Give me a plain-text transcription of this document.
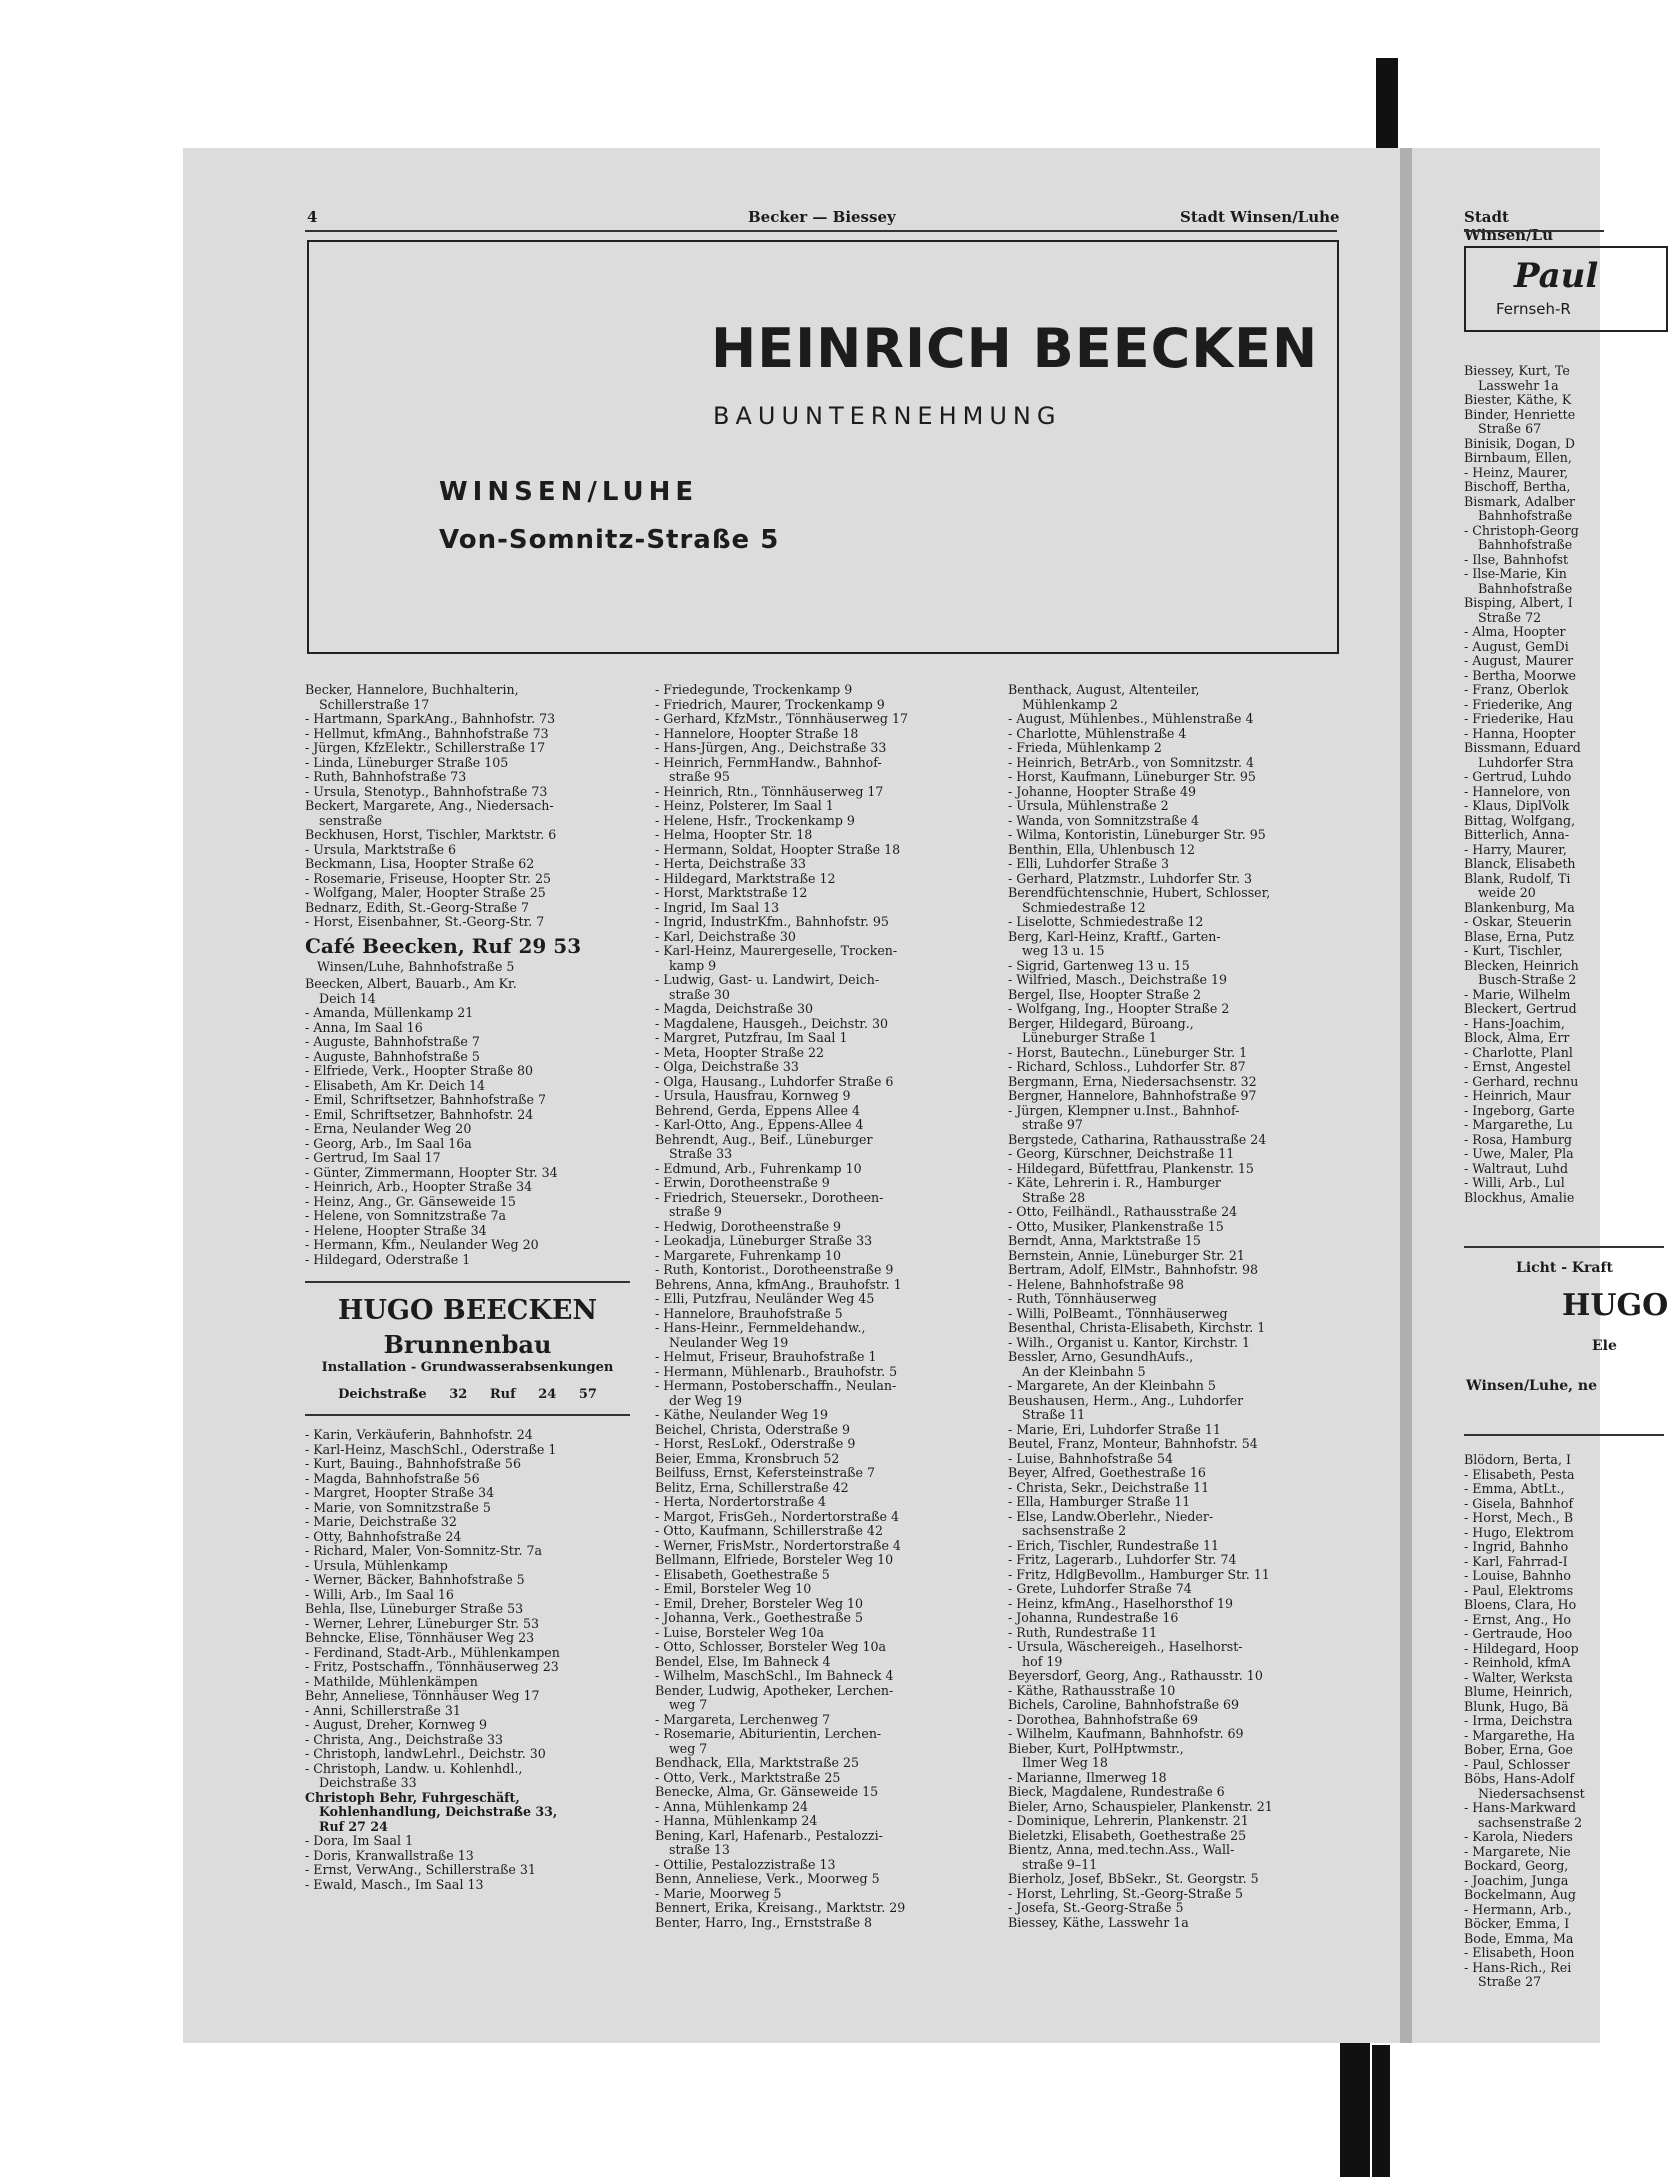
4	Becker — Biessey	Stadt Winsen/Luhe
HEINRICH BEECKEN
BAUUNTERNEHMUNG
WINSEN/LUHE
Von-Somnitz-Straße 5
Becker, Hannelore, Buchhalterin,
Schillerstraße 17
- Hartmann, SparkAng., Bahnhofstr. 73
- Hellmut, kfmAng., Bahnhofstraße 73
- Jürgen, KfzElektr., Schillerstraße 17
- Linda, Lüneburger Straße 105
- Ruth, Bahnhofstraße 73
- Ursula, Stenotyp., Bahnhofstraße 73
Beckert, Margarete, Ang., Niedersach-
senstraße
Beckhusen, Horst, Tischler, Marktstr. 6
- Ursula, Marktstraße 6
Beckmann, Lisa, Hoopter Straße 62
- Rosemarie, Friseuse, Hoopter Str. 25
- Wolfgang, Maler, Hoopter Straße 25
Bednarz, Edith, St.-Georg-Straße 7
- Horst, Eisenbahner, St.-Georg-Str. 7
Café Beecken, Ruf 29 53
Winsen/Luhe, Bahnhofstraße 5
Beecken, Albert, Bauarb., Am Kr.
Deich 14
- Amanda, Müllenkamp 21
- Anna, Im Saal 16
- Auguste, Bahnhofstraße 7
- Auguste, Bahnhofstraße 5
- Elfriede, Verk., Hoopter Straße 80
- Elisabeth, Am Kr. Deich 14
- Emil, Schriftsetzer, Bahnhofstraße 7
- Emil, Schriftsetzer, Bahnhofstr. 24
- Erna, Neulander Weg 20
- Georg, Arb., Im Saal 16a
- Gertrud, Im Saal 17
- Günter, Zimmermann, Hoopter Str. 34
- Heinrich, Arb., Hoopter Straße 34
- Heinz, Ang., Gr. Gänseweide 15
- Helene, von Somnitzstraße 7a
- Helene, Hoopter Straße 34
- Hermann, Kfm., Neulander Weg 20
- Hildegard, Oderstraße 1
HUGO BEECKEN
Brunnenbau
Installation - Grundwasserabsenkungen
Deichstraße 32 Ruf 24 57
- Karin, Verkäuferin, Bahnhofstr. 24
- Karl-Heinz, MaschSchl., Oderstraße 1
- Kurt, Bauing., Bahnhofstraße 56
- Magda, Bahnhofstraße 56
- Margret, Hoopter Straße 34
- Marie, von Somnitzstraße 5
- Marie, Deichstraße 32
- Otty, Bahnhofstraße 24
- Richard, Maler, Von-Somnitz-Str. 7a
- Ursula, Mühlenkamp
- Werner, Bäcker, Bahnhofstraße 5
- Willi, Arb., Im Saal 16
Behla, Ilse, Lüneburger Straße 53
- Werner, Lehrer, Lüneburger Str. 53
Behncke, Elise, Tönnhäuser Weg 23
- Ferdinand, Stadt-Arb., Mühlenkampen
- Fritz, Postschaffn., Tönnhäuserweg 23
- Mathilde, Mühlenkämpen
Behr, Anneliese, Tönnhäuser Weg 17
- Anni, Schillerstraße 31
- August, Dreher, Kornweg 9
- Christa, Ang., Deichstraße 33
- Christoph, landwLehrl., Deichstr. 30
- Christoph, Landw. u. Kohlenhdl.,
Deichstraße 33
Christoph Behr, Fuhrgeschäft,
Kohlenhandlung, Deichstraße 33,
Ruf 27 24
- Dora, Im Saal 1
- Doris, Kranwallstraße 13
- Ernst, VerwAng., Schillerstraße 31
- Ewald, Masch., Im Saal 13
- Friedegunde, Trockenkamp 9
- Friedrich, Maurer, Trockenkamp 9
- Gerhard, KfzMstr., Tönnhäuserweg 17
- Hannelore, Hoopter Straße 18
- Hans-Jürgen, Ang., Deichstraße 33
- Heinrich, FernmHandw., Bahnhof-
straße 95
- Heinrich, Rtn., Tönnhäuserweg 17
- Heinz, Polsterer, Im Saal 1
- Helene, Hsfr., Trockenkamp 9
- Helma, Hoopter Str. 18
- Hermann, Soldat, Hoopter Straße 18
- Herta, Deichstraße 33
- Hildegard, Marktstraße 12
- Horst, Marktstraße 12
- Ingrid, Im Saal 13
- Ingrid, IndustrKfm., Bahnhofstr. 95
- Karl, Deichstraße 30
- Karl-Heinz, Maurergeselle, Trocken-
kamp 9
- Ludwig, Gast- u. Landwirt, Deich-
straße 30
- Magda, Deichstraße 30
- Magdalene, Hausgeh., Deichstr. 30
- Margret, Putzfrau, Im Saal 1
- Meta, Hoopter Straße 22
- Olga, Deichstraße 33
- Olga, Hausang., Luhdorfer Straße 6
- Ursula, Hausfrau, Kornweg 9
Behrend, Gerda, Eppens Allee 4
- Karl-Otto, Ang., Eppens-Allee 4
Behrendt, Aug., Beif., Lüneburger
Straße 33
- Edmund, Arb., Fuhrenkamp 10
- Erwin, Dorotheenstraße 9
- Friedrich, Steuersekr., Dorotheen-
straße 9
- Hedwig, Dorotheenstraße 9
- Leokadja, Lüneburger Straße 33
- Margarete, Fuhrenkamp 10
- Ruth, Kontorist., Dorotheenstraße 9
Behrens, Anna, kfmAng., Brauhofstr. 1
- Elli, Putzfrau, Neuländer Weg 45
- Hannelore, Brauhofstraße 5
- Hans-Heinr., Fernmeldehandw.,
Neulander Weg 19
- Helmut, Friseur, Brauhofstraße 1
- Hermann, Mühlenarb., Brauhofstr. 5
- Hermann, Postoberschaffn., Neulan-
der Weg 19
- Käthe, Neulander Weg 19
Beichel, Christa, Oderstraße 9
- Horst, ResLokf., Oderstraße 9
Beier, Emma, Kronsbruch 52
Beilfuss, Ernst, Kefersteinstraße 7
Belitz, Erna, Schillerstraße 42
- Herta, Nordertorstraße 4
- Margot, FrisGeh., Nordertorstraße 4
- Otto, Kaufmann, Schillerstraße 42
- Werner, FrisMstr., Nordertorstraße 4
Bellmann, Elfriede, Borsteler Weg 10
- Elisabeth, Goethestraße 5
- Emil, Borsteler Weg 10
- Emil, Dreher, Borsteler Weg 10
- Johanna, Verk., Goethestraße 5
- Luise, Borsteler Weg 10a
- Otto, Schlosser, Borsteler Weg 10a
Bendel, Else, Im Bahneck 4
- Wilhelm, MaschSchl., Im Bahneck 4
Bender, Ludwig, Apotheker, Lerchen-
weg 7
- Margareta, Lerchenweg 7
- Rosemarie, Abiturientin, Lerchen-
weg 7
Bendhack, Ella, Marktstraße 25
- Otto, Verk., Marktstraße 25
Benecke, Alma, Gr. Gänseweide 15
- Anna, Mühlenkamp 24
- Hanna, Mühlenkamp 24
Bening, Karl, Hafenarb., Pestalozzi-
straße 13
- Ottilie, Pestalozzistraße 13
Benn, Anneliese, Verk., Moorweg 5
- Marie, Moorweg 5
Bennert, Erika, Kreisang., Marktstr. 29
Benter, Harro, Ing., Ernststraße 8
Benthack, August, Altenteiler,
Mühlenkamp 2
- August, Mühlenbes., Mühlenstraße 4
- Charlotte, Mühlenstraße 4
- Frieda, Mühlenkamp 2
- Heinrich, BetrArb., von Somnitzstr. 4
- Horst, Kaufmann, Lüneburger Str. 95
- Johanne, Hoopter Straße 49
- Ursula, Mühlenstraße 2
- Wanda, von Somnitzstraße 4
- Wilma, Kontoristin, Lüneburger Str. 95
Benthin, Ella, Uhlenbusch 12
- Elli, Luhdorfer Straße 3
- Gerhard, Platzmstr., Luhdorfer Str. 3
Berendfüchtenschnie, Hubert, Schlosser,
Schmiedestraße 12
- Liselotte, Schmiedestraße 12
Berg, Karl-Heinz, Kraftf., Garten-
weg 13 u. 15
- Sigrid, Gartenweg 13 u. 15
- Wilfried, Masch., Deichstraße 19
Bergel, Ilse, Hoopter Straße 2
- Wolfgang, Ing., Hoopter Straße 2
Berger, Hildegard, Büroang.,
Lüneburger Straße 1
- Horst, Bautechn., Lüneburger Str. 1
- Richard, Schloss., Luhdorfer Str. 87
Bergmann, Erna, Niedersachsenstr. 32
Bergner, Hannelore, Bahnhofstraße 97
- Jürgen, Klempner u.Inst., Bahnhof-
straße 97
Bergstede, Catharina, Rathausstraße 24
- Georg, Kürschner, Deichstraße 11
- Hildegard, Büfettfrau, Plankenstr. 15
- Käte, Lehrerin i. R., Hamburger
Straße 28
- Otto, Feilhändl., Rathausstraße 24
- Otto, Musiker, Plankenstraße 15
Berndt, Anna, Marktstraße 15
Bernstein, Annie, Lüneburger Str. 21
Bertram, Adolf, ElMstr., Bahnhofstr. 98
- Helene, Bahnhofstraße 98
- Ruth, Tönnhäuserweg
- Willi, PolBeamt., Tönnhäuserweg
Besenthal, Christa-Elisabeth, Kirchstr. 1
- Wilh., Organist u. Kantor, Kirchstr. 1
Bessler, Arno, GesundhAufs.,
An der Kleinbahn 5
- Margarete, An der Kleinbahn 5
Beushausen, Herm., Ang., Luhdorfer
Straße 11
- Marie, Eri, Luhdorfer Straße 11
Beutel, Franz, Monteur, Bahnhofstr. 54
- Luise, Bahnhofstraße 54
Beyer, Alfred, Goethestraße 16
- Christa, Sekr., Deichstraße 11
- Ella, Hamburger Straße 11
- Else, Landw.Oberlehr., Nieder-
sachsenstraße 2
- Erich, Tischler, Rundestraße 11
- Fritz, Lagerarb., Luhdorfer Str. 74
- Fritz, HdlgBevollm., Hamburger Str. 11
- Grete, Luhdorfer Straße 74
- Heinz, kfmAng., Haselhorsthof 19
- Johanna, Rundestraße 16
- Ruth, Rundestraße 11
- Ursula, Wäschereigeh., Haselhorst-
hof 19
Beyersdorf, Georg, Ang., Rathausstr. 10
- Käthe, Rathausstraße 10
Bichels, Caroline, Bahnhofstraße 69
- Dorothea, Bahnhofstraße 69
- Wilhelm, Kaufmann, Bahnhofstr. 69
Bieber, Kurt, PolHptwmstr.,
Ilmer Weg 18
- Marianne, Ilmerweg 18
Bieck, Magdalene, Rundestraße 6
Bieler, Arno, Schauspieler, Plankenstr. 21
- Dominique, Lehrerin, Plankenstr. 21
Bieletzki, Elisabeth, Goethestraße 25
Bientz, Anna, med.techn.Ass., Wall-
straße 9–11
Bierholz, Josef, BbSekr., St. Georgstr. 5
- Horst, Lehrling, St.-Georg-Straße 5
- Josefa, St.-Georg-Straße 5
Biessey, Käthe, Lasswehr 1a
Stadt Winsen/Lu
Paul
Fernseh-R
Biessey, Kurt, Te
Lasswehr 1a
Biester, Käthe, K
Binder, Henriette
Straße 67
Binisik, Dogan, D
Birnbaum, Ellen,
- Heinz, Maurer,
Bischoff, Bertha,
Bismark, Adalber
Bahnhofstraße
- Christoph-Georg
Bahnhofstraße
- Ilse, Bahnhofst
- Ilse-Marie, Kin
Bahnhofstraße
Bisping, Albert, I
Straße 72
- Alma, Hoopter
- August, GemDi
- August, Maurer
- Bertha, Moorwe
- Franz, Oberlok
- Friederike, Ang
- Friederike, Hau
- Hanna, Hoopter
Bissmann, Eduard
Luhdorfer Stra
- Gertrud, Luhdo
- Hannelore, von
- Klaus, DiplVolk
Bittag, Wolfgang,
Bitterlich, Anna-
- Harry, Maurer,
Blanck, Elisabeth
Blank, Rudolf, Ti
weide 20
Blankenburg, Ma
- Oskar, Steuerin
Blase, Erna, Putz
- Kurt, Tischler,
Blecken, Heinrich
Busch-Straße 2
- Marie, Wilhelm
Bleckert, Gertrud
- Hans-Joachim,
Block, Alma, Err
- Charlotte, Planl
- Ernst, Angestel
- Gerhard, rechnu
- Heinrich, Maur
- Ingeborg, Garte
- Margarethe, Lu
- Rosa, Hamburg
- Uwe, Maler, Pla
- Waltraut, Luhd
- Willi, Arb., Lul
Blockhus, Amalie
Licht - Kraft
HUGO
Ele
Winsen/Luhe, ne
Blödorn, Berta, I
- Elisabeth, Pesta
- Emma, AbtLt.,
- Gisela, Bahnhof
- Horst, Mech., B
- Hugo, Elektrom
- Ingrid, Bahnho
- Karl, Fahrrad-I
- Louise, Bahnho
- Paul, Elektroms
Bloens, Clara, Ho
- Ernst, Ang., Ho
- Gertraude, Hoo
- Hildegard, Hoop
- Reinhold, kfmA
- Walter, Werksta
Blume, Heinrich,
Blunk, Hugo, Bä
- Irma, Deichstra
- Margarethe, Ha
Bober, Erna, Goe
- Paul, Schlosser
Böbs, Hans-Adolf
Niedersachsenst
- Hans-Markward
sachsenstraße 2
- Karola, Nieders
- Margarete, Nie
Bockard, Georg,
- Joachim, Junga
Bockelmann, Aug
- Hermann, Arb.,
Böcker, Emma, I
Bode, Emma, Ma
- Elisabeth, Hoon
- Hans-Rich., Rei
Straße 27
